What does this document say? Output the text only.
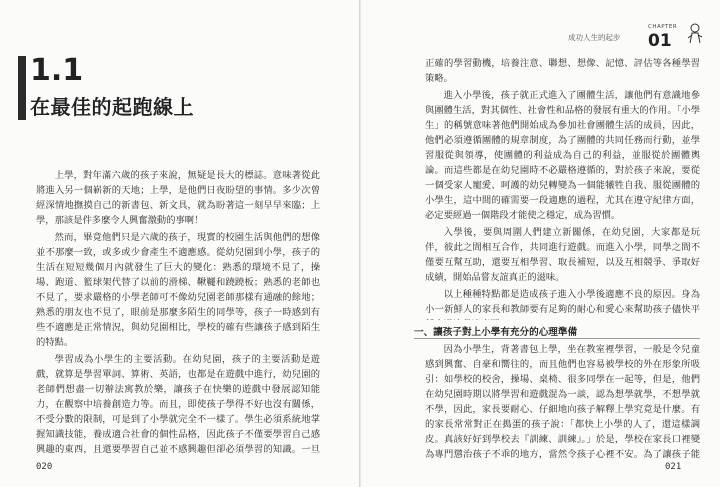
1.1
在最佳的起跑線上

上學，對年滿六歲的孩子來說，無疑是長大的標誌。意味著從此將進入另一個嶄新的天地；上學，是他們日夜盼望的事情。多少次曾經深情地撫摸自己的新書包、新文具，就為盼著這一刻早早來臨；上學，那該是件多麼令人興奮激動的事啊！

然而，畢竟他們只是六歲的孩子，現實的校園生活與他們的想像並不那麼一致，或多或少會產生不適應感。從幼兒園到小學，孩子的生活在短短幾個月內就發生了巨大的變化：熟悉的環境不見了，操場、跑道、籃球架代替了以前的滑梯、鞦韆和蹺蹺板；熟悉的老師也不見了，要求嚴格的小學老師可不像幼兒園老師那樣有通融的餘地；熟悉的朋友也不見了，眼前是那麼多陌生的同學等，孩子一時感到有些不適應是正常情況，與幼兒園相比，學校的確有些讓孩子感到陌生的特點。

學習成為小學生的主要活動。在幼兒園，孩子的主要活動是遊戲，就算是學習單詞、算術、英語，也都是在遊戲中進行，幼兒園的老師們想盡一切辦法寓教於樂，讓孩子在快樂的遊戲中發展認知能力，在觀察中培養創造力等。而且，即使孩子學得不好也沒有關係，不受分數的限制，可是到了小學就完全不一樣了。學生必須系統地掌握知識技能，養成適合社會的個性品格，因此孩子不僅要學習自己感興趣的東西，且還要學習自己並不感興趣但卻必須學習的知識。一旦

020
成功人生的起步
CHAPTER
01

正確的學習動機，培養注意、聯想、想像、記憶、評估等各種學習策略。

進入小學後，孩子就正式進入了團體生活，讓他們有意識地參與團體生活，對其個性、社會性和品格的發展有重大的作用。「小學生」的稱號意味著他們開始成為參加社會團體生活的成員，因此，他們必須遵循團體的規章制度，為了團體的共同任務而行動，並學習服從與領導，使團體的利益成為自己的利益，並服從於團體輿論。而這些都是在幼兒園時不必嚴格遵循的，對於孩子來說，要從一個受家人寵愛、呵護的幼兒轉變為一個能犧牲自我、服從團體的小學生，這中間的確需要一段適應的過程，尤其在遵守紀律方面，必定要經過一個階段才能使之穩定，成為習慣。

入學後，要與周圍人們建立新關係，在幼兒園，大家都是玩伴，彼此之間相互合作，共同進行遊戲。而進入小學，同學之間不僅要互幫互助，還要互相學習、取長補短，以及互相競爭、爭取好成績，開始品嘗友誼真正的滋味。

以上種種特點都是造成孩子進入小學後適應不良的原因。身為小一新鮮人的家長和教師要有足夠的耐心和愛心來幫助孩子儘快平

一、讓孩子對上小學有充分的心理準備

因為小學生，背著書包上學，坐在教室裡學習，一般是令兒童感到興奮、自豪和嚮往的，而且他們也容易被學校的外在形象所吸引：如學校的校舍，操場、桌椅、很多同學在一起等，但是，他們在幼兒園時期以將學習和遊戲混為一談，認為想學就學，不想學就不學，因此，家長要耐心、仔細地向孩子解釋上學究竟是什麼。有的家長常常對正在搗蛋的孩子說：「都快上小學的人了，還這樣調皮。真該好好到學校去『訓練、訓練』。」於是，學校在家長口裡變為專門懲治孩子不乖的地方，當然令孩子心裡不安。為了讓孩子能

021
